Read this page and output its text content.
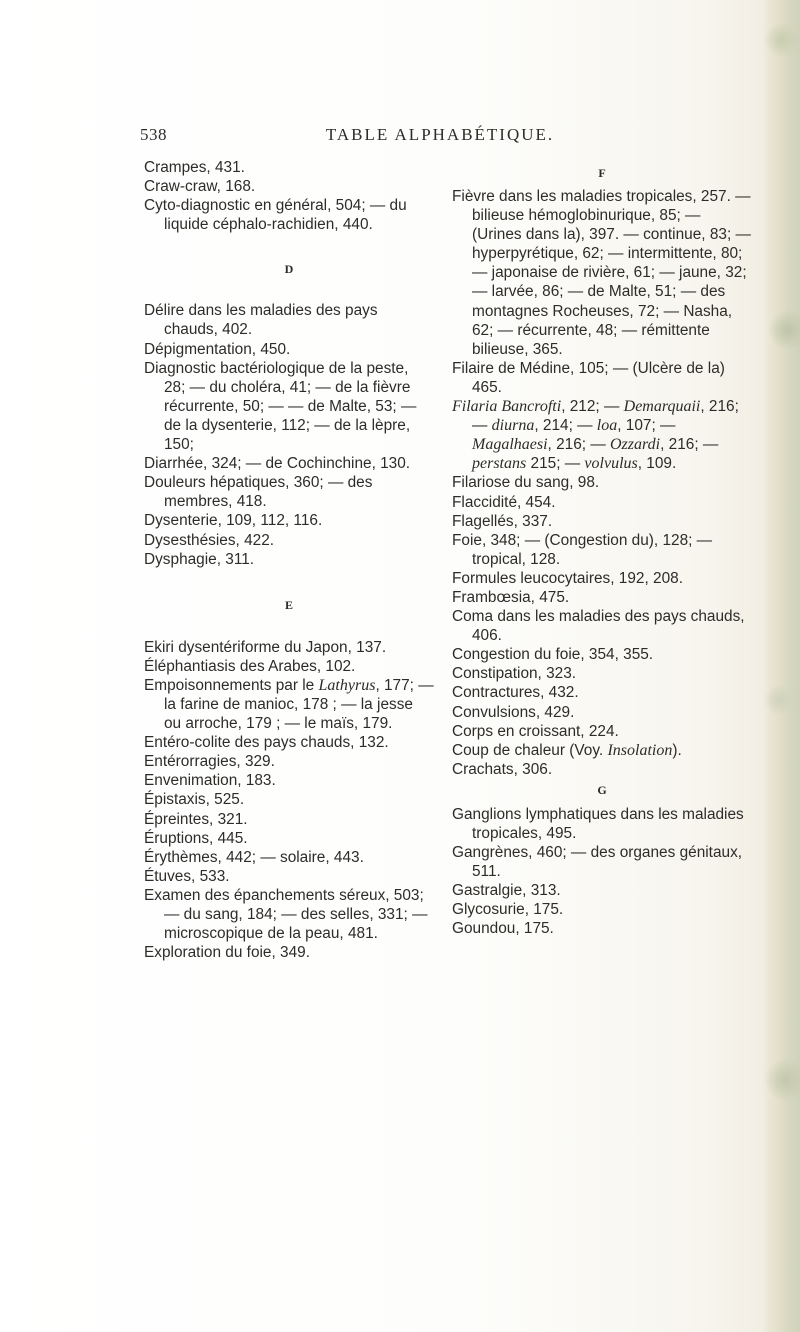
538	TABLE ALPHABÉTIQUE.

Crampes, 431.

Craw-craw, 168.

Cyto-diagnostic en général, 504; — du liquide céphalo-rachidien, 440.

D

Délire dans les maladies des pays chauds, 402.

Dépigmentation, 450.

Diagnostic bactériologique de la peste, 28; — du choléra, 41; — de la fièvre récurrente, 50; — — de Malte, 53; — de la dysenterie, 112; — de la lèpre, 150;

Diarrhée, 324; — de Cochinchine, 130.

Douleurs hépatiques, 360; — des membres, 418.

Dysenterie, 109, 112, 116.

Dysesthésies, 422.

Dysphagie, 311.

E

Ekiri dysentériforme du Japon, 137.

Éléphantiasis des Arabes, 102.

Empoisonnements par le Lathyrus, 177; — la farine de manioc, 178 ; — la jesse ou arroche, 179 ; — le maïs, 179.

Entéro-colite des pays chauds, 132.

Entérorragies, 329.

Envenimation, 183.

Épistaxis, 525.

Épreintes, 321.

Éruptions, 445.

Érythèmes, 442; — solaire, 443.

Étuves, 533.

Examen des épanchements séreux, 503; — du sang, 184; — des selles, 331; — microscopique de la peau, 481.

Exploration du foie, 349.

F

Fièvre dans les maladies tropicales, 257. — bilieuse hémoglobinurique, 85; — (Urines dans la), 397. — continue, 83; — hyperpyrétique, 62; — intermittente, 80; — japonaise de rivière, 61; — jaune, 32; — larvée, 86; — de Malte, 51; — des montagnes Rocheuses, 72; — Nasha, 62; — récurrente, 48; — rémittente bilieuse, 365.

Filaire de Médine, 105; — (Ulcère de la) 465.

Filaria Bancrofti, 212; — Demarquaii, 216; — diurna, 214; — loa, 107; — Magalhaesi, 216; — Ozzardi, 216; — perstans 215; — volvulus, 109.

Filariose du sang, 98.

Flaccidité, 454.

Flagellés, 337.

Foie, 348; — (Congestion du), 128; — tropical, 128.

Formules leucocytaires, 192, 208.

Frambœsia, 475.

Coma dans les maladies des pays chauds, 406.

Congestion du foie, 354, 355.

Constipation, 323.

Contractures, 432.

Convulsions, 429.

Corps en croissant, 224.

Coup de chaleur (Voy. Insolation).

Crachats, 306.

G

Ganglions lymphatiques dans les maladies tropicales, 495.

Gangrènes, 460; — des organes génitaux, 511.

Gastralgie, 313.

Glycosurie, 175.

Goundou, 175.
